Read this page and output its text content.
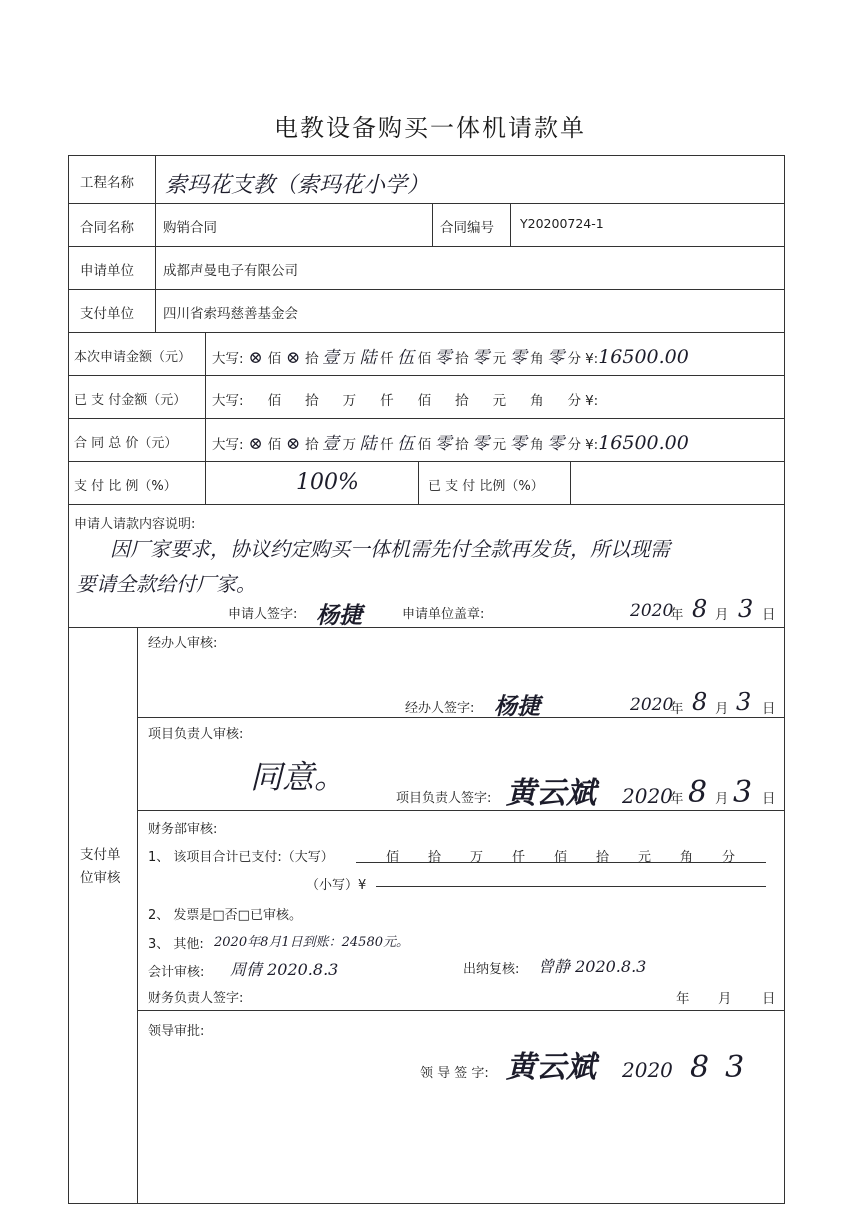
电教设备购买一体机请款单
工程名称 索玛花支教（索玛花小学）
合同名称 购销合同	合同编号 Y20200724-1
申请单位 成都声曼电子有限公司
支付单位 四川省索玛慈善基金会
本次申请金额（元） 大写: ⊗ 佰 ⊗ 拾 壹 万 陆 仟 伍 佰 零 拾 零 元 零 角 零 分 ¥:16500.00
已 支 付金额（元） 大写: 佰 拾 万 仟 佰 拾 元 角 分 ¥:
合 同 总 价（元）	大写: ⊗ 佰 ⊗ 拾 壹 万 陆 仟 伍 佰 零 拾 零 元 零 角 零 分 ¥:16500.00
支 付 比 例（%）	100%	已 支 付 比例（%）
申请人请款内容说明:
因厂家要求，协议约定购买一体机需先付全款再发货，所以现需
要请全款给付厂家。
申请人签字: 杨捷	申请单位盖章:	2020
年 8 月 3 日
支付单
位审核
经办人审核:
经办人签字: 杨捷	2020
年 8 月 3 日
项目负责人审核:
同意。
项目负责人签字: 黄云斌 2020
年 8 月 3 日
财务部审核:
1、 该项目合计已支付:（大写）	佰 拾 万 仟 佰 拾 元 角 分
（小写）¥
2、 发票是□否□已审核。
3、 其他: 2020年8月1日到账：24580元。
会计审核: 周倩 2020.8.3	出纳复核: 曾静 2020.8.3
财务负责人签字:	年 月 日
领导审批:
领 导 签 字: 黄云斌 2020 8 3
